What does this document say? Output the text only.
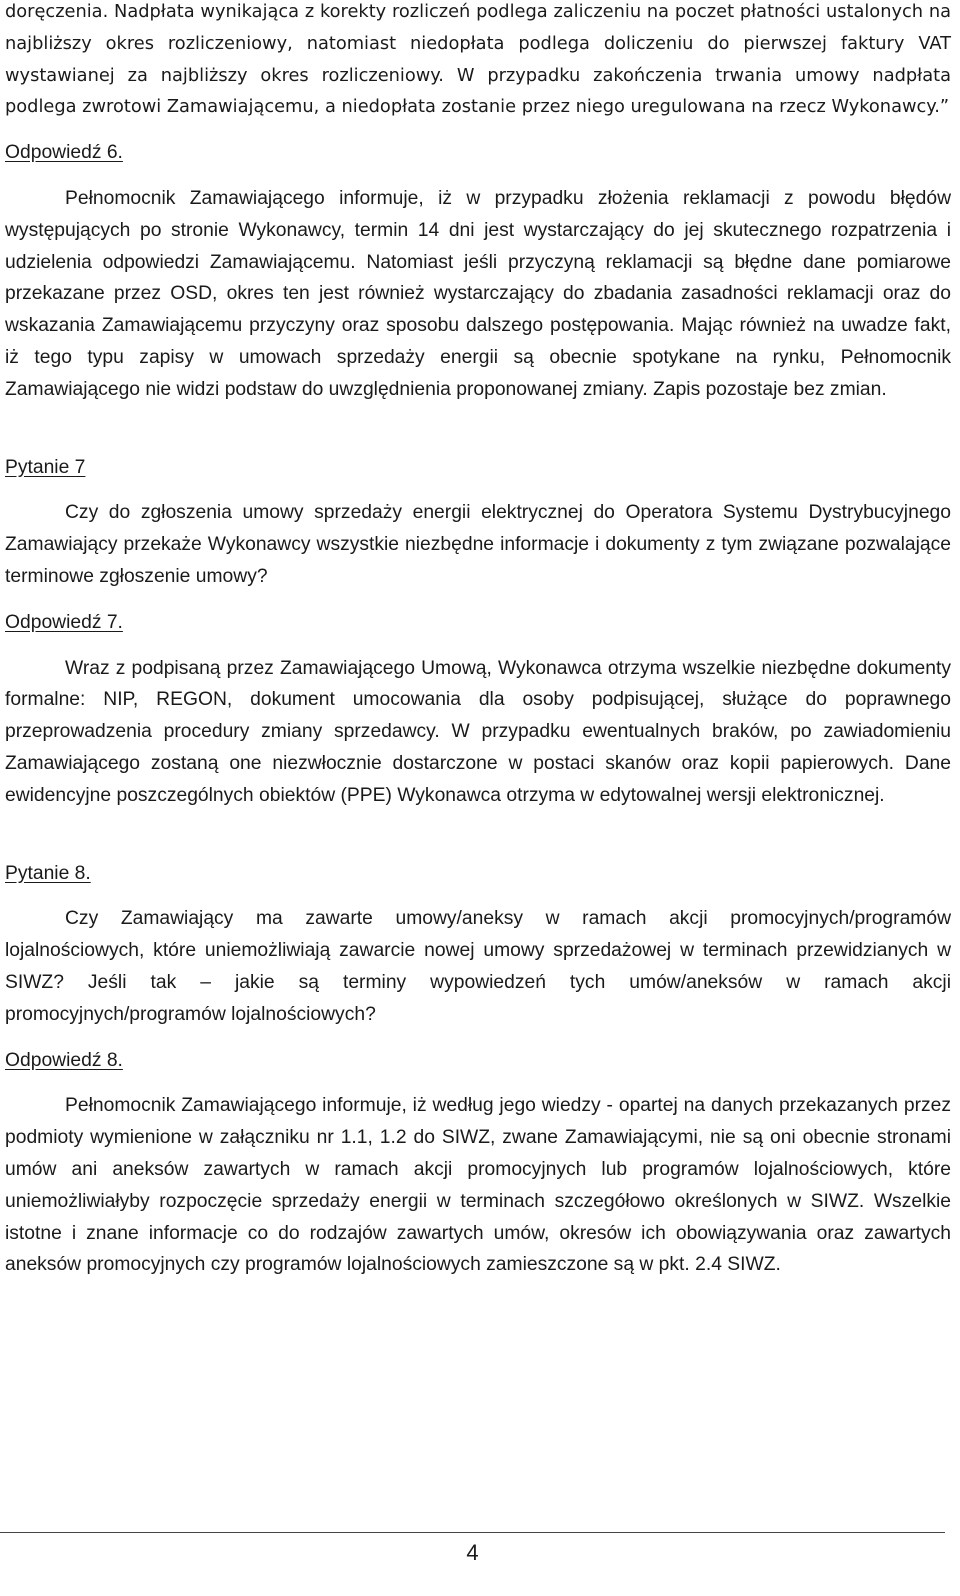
doręczenia. Nadpłata wynikająca z korekty rozliczeń podlega zaliczeniu na poczet płatności ustalonych na najbliższy okres rozliczeniowy, natomiast niedopłata podlega doliczeniu do pierwszej faktury VAT wystawianej za najbliższy okres rozliczeniowy. W przypadku zakończenia trwania umowy nadpłata podlega zwrotowi Zamawiającemu, a niedopłata zostanie przez niego uregulowana na rzecz Wykonawcy.”

Odpowiedź 6.

Pełnomocnik Zamawiającego informuje, iż w przypadku złożenia reklamacji z powodu błędów występujących po stronie Wykonawcy, termin 14 dni jest wystarczający do jej skutecznego rozpatrzenia i udzielenia odpowiedzi Zamawiającemu. Natomiast jeśli przyczyną reklamacji są błędne dane pomiarowe przekazane przez OSD, okres ten jest również wystarczający do zbadania zasadności reklamacji oraz do wskazania Zamawiającemu przyczyny oraz sposobu dalszego postępowania. Mając również na uwadze fakt, iż tego typu zapisy w umowach sprzedaży energii są obecnie spotykane na rynku, Pełnomocnik Zamawiającego nie widzi podstaw do uwzględnienia proponowanej zmiany. Zapis pozostaje bez zmian.

Pytanie 7

Czy do zgłoszenia umowy sprzedaży energii elektrycznej do Operatora Systemu Dystrybucyjnego Zamawiający przekaże Wykonawcy wszystkie niezbędne informacje i dokumenty z tym związane pozwalające terminowe zgłoszenie umowy?

Odpowiedź 7.

Wraz z podpisaną przez Zamawiającego Umową, Wykonawca otrzyma wszelkie niezbędne dokumenty formalne: NIP, REGON, dokument umocowania dla osoby podpisującej, służące do poprawnego przeprowadzenia procedury zmiany sprzedawcy. W przypadku ewentualnych braków, po zawiadomieniu Zamawiającego zostaną one niezwłocznie dostarczone w postaci skanów oraz kopii papierowych. Dane ewidencyjne poszczególnych obiektów (PPE) Wykonawca otrzyma w edytowalnej wersji elektronicznej.

Pytanie 8.

Czy Zamawiający ma zawarte umowy/aneksy w ramach akcji promocyjnych/programów lojalnościowych, które uniemożliwiają zawarcie nowej umowy sprzedażowej w terminach przewidzianych w SIWZ? Jeśli tak – jakie są terminy wypowiedzeń tych umów/aneksów w ramach akcji promocyjnych/programów lojalnościowych?

Odpowiedź 8.

Pełnomocnik Zamawiającego informuje, iż według jego wiedzy - opartej na danych przekazanych przez podmioty wymienione w załączniku nr 1.1, 1.2 do SIWZ, zwane Zamawiającymi, nie są oni obecnie stronami umów ani aneksów zawartych w ramach akcji promocyjnych lub programów lojalnościowych, które uniemożliwiałyby rozpoczęcie sprzedaży energii w terminach szczegółowo określonych w SIWZ. Wszelkie istotne i znane informacje co do rodzajów zawartych umów, okresów ich obowiązywania oraz zawartych aneksów promocyjnych czy programów lojalnościowych zamieszczone są w pkt. 2.4 SIWZ.

4
